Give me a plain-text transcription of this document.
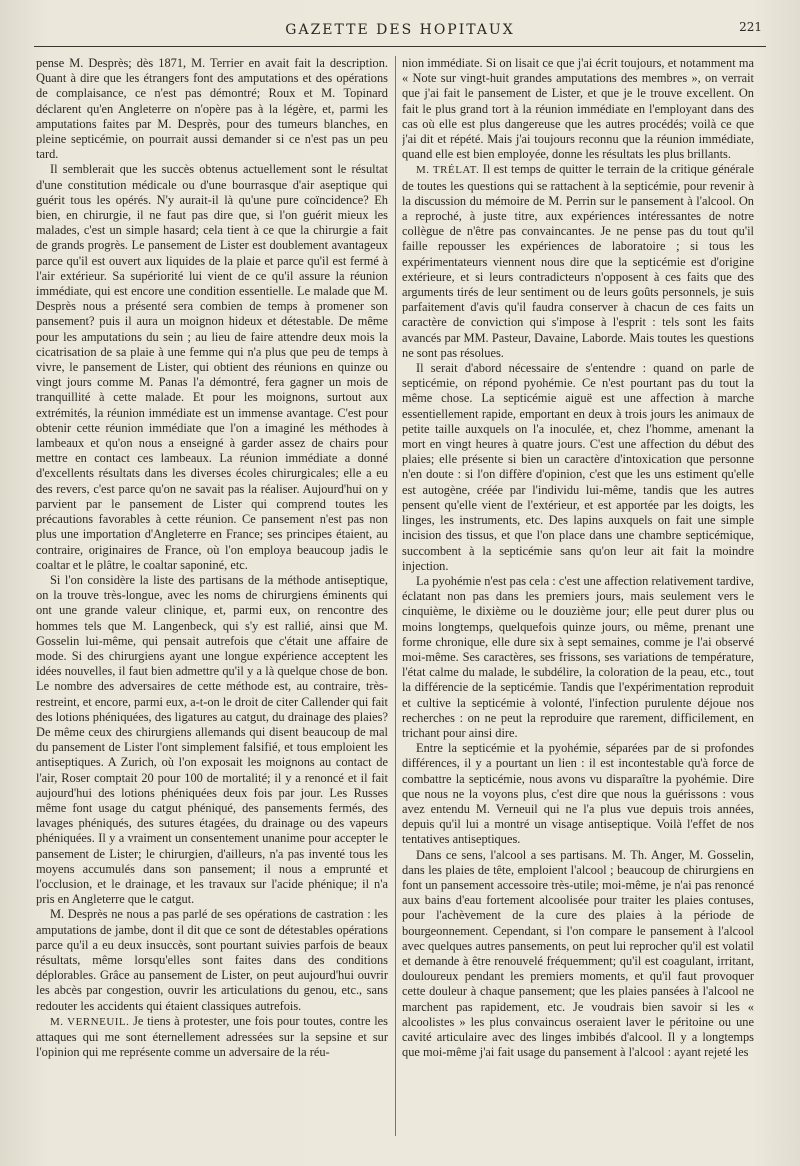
GAZETTE DES HOPITAUX	221

pense M. Desprès; dès 1871, M. Terrier en avait fait la description. Quant à dire que les étrangers font des amputations et des opérations de complaisance, ce n'est pas démontré; Roux et M. Topinard déclarent qu'en Angleterre on n'opère pas à la légère, et, parmi les amputations faites par M. Desprès, pour des tumeurs blanches, en pleine septicémie, on pourrait aussi demander si ce n'est pas un peu tard.

Il semblerait que les succès obtenus actuellement sont le résultat d'une constitution médicale ou d'une bourrasque d'air aseptique qui guérit tous les opérés. N'y aurait-il là qu'une pure coïncidence? Eh bien, en chirurgie, il ne faut pas dire que, si l'on guérit mieux les malades, c'est un simple hasard; cela tient à ce que la chirurgie a fait de grands progrès. Le pansement de Lister est doublement avantageux parce qu'il est ouvert aux liquides de la plaie et parce qu'il est fermé à l'air extérieur. Sa supériorité lui vient de ce qu'il assure la réunion immédiate, qui est encore une condition essentielle. Le malade que M. Desprès nous a présenté sera combien de temps à promener son pansement? puis il aura un moignon hideux et détestable. De même pour les amputations du sein ; au lieu de faire attendre deux mois la cicatrisation de sa plaie à une femme qui n'a plus que peu de temps à vivre, le pansement de Lister, qui obtient des réunions en quinze ou vingt jours comme M. Panas l'a démontré, fera gagner un mois de tranquillité à cette malade. Et pour les moignons, surtout aux extrémités, la réunion immédiate est un immense avantage. C'est pour obtenir cette réunion immédiate que l'on a imaginé les méthodes à lambeaux et qu'on nous a enseigné à garder assez de chairs pour mettre en contact ces lambeaux. La réunion immédiate a donné d'excellents résultats dans les diverses écoles chirurgicales; elle a eu des revers, c'est parce qu'on ne savait pas la réaliser. Aujourd'hui on y parvient par le pansement de Lister qui comprend toutes les précautions favorables à cette réunion. Ce pansement n'est pas non plus une importation d'Angleterre en France; ses principes étaient, au contraire, originaires de France, où l'on employa beaucoup jadis le coaltar et le plâtre, le coaltar saponiné, etc.

Si l'on considère la liste des partisans de la méthode antiseptique, on la trouve très-longue, avec les noms de chirurgiens éminents qui ont une grande valeur clinique, et, parmi eux, on rencontre des hommes tels que M. Langenbeck, qui s'y est rallié, ainsi que M. Gosselin lui-même, qui pensait autrefois que c'était une affaire de mode. Si des chirurgiens ayant une longue expérience acceptent les idées nouvelles, il faut bien admettre qu'il y a là quelque chose de bon. Le nombre des adversaires de cette méthode est, au contraire, très-restreint, et encore, parmi eux, a-t-on le droit de citer Callender qui fait des lotions phéniquées, des ligatures au catgut, du drainage des plaies? De même ceux des chirurgiens allemands qui disent beaucoup de mal du pansement de Lister l'ont simplement falsifié, et tous emploient les antiseptiques. A Zurich, où l'on exposait les moignons au contact de l'air, Roser comptait 20 pour 100 de mortalité; il y a renoncé et il fait aujourd'hui des lotions phéniquées deux fois par jour. Les Russes même font usage du catgut phéniqué, des pansements fermés, des lavages phéniqués, des sutures étagées, du drainage ou des vapeurs phéniquées. Il y a vraiment un consentement unanime pour accepter le pansement de Lister; le chirurgien, d'ailleurs, n'a pas inventé tous les moyens accumulés dans son pansement; il nous a emprunté et l'occlusion, et le drainage, et les travaux sur l'acide phénique; il n'a pris en Angleterre que le catgut.

M. Desprès ne nous a pas parlé de ses opérations de castration : les amputations de jambe, dont il dit que ce sont de détestables opérations parce qu'il a eu deux insuccès, sont pourtant suivies parfois de beaux résultats, même lorsqu'elles sont faites dans des conditions déplorables. Grâce au pansement de Lister, on peut aujourd'hui ouvrir les abcès par congestion, ouvrir les articulations du genou, etc., sans redouter les accidents qui étaient classiques autrefois.

M. VERNEUIL. Je tiens à protester, une fois pour toutes, contre les attaques qui me sont éternellement adressées sur la sepsine et sur l'opinion qui me représente comme un adversaire de la réu-

nion immédiate. Si on lisait ce que j'ai écrit toujours, et notamment ma « Note sur vingt-huit grandes amputations des membres », on verrait que j'ai fait le pansement de Lister, et que je le trouve excellent. On fait le plus grand tort à la réunion immédiate en l'employant dans des cas où elle est plus dangereuse que les autres procédés; voilà ce que j'ai dit et répété. Mais j'ai toujours reconnu que la réunion immédiate, quand elle est bien employée, donne les résultats les plus brillants.

M. TRÉLAT. Il est temps de quitter le terrain de la critique générale de toutes les questions qui se rattachent à la septicémie, pour revenir à la discussion du mémoire de M. Perrin sur le pansement à l'alcool. On a reproché, à juste titre, aux expériences intéressantes de notre collègue de n'être pas convaincantes. Je ne pense pas du tout qu'il faille repousser les expériences de laboratoire ; si tous les expérimentateurs viennent nous dire que la septicémie est d'origine extérieure, et si leurs contradicteurs n'opposent à ces faits que des arguments tirés de leur sentiment ou de leurs goûts personnels, je suis parfaitement d'avis qu'il faudra conserver à chacun de ces faits un caractère de conviction qui s'impose à l'esprit : tels sont les faits avancés par MM. Pasteur, Davaine, Laborde. Mais toutes les questions ne sont pas résolues.

Il serait d'abord nécessaire de s'entendre : quand on parle de septicémie, on répond pyohémie. Ce n'est pourtant pas du tout la même chose. La septicémie aiguë est une affection à marche essentiellement rapide, emportant en deux à trois jours les animaux de petite taille auxquels on l'a inoculée, et, chez l'homme, amenant la mort en vingt heures à quatre jours. C'est une affection du début des plaies; elle présente si bien un caractère d'intoxication que personne n'en doute : si l'on diffère d'opinion, c'est que les uns estiment qu'elle est autogène, créée par l'individu lui-même, tandis que les autres pensent qu'elle vient de l'extérieur, et est apportée par les doigts, les linges, les instruments, etc. Des lapins auxquels on fait une simple incision des tissus, et que l'on place dans une chambre septicémique, succombent à la septicémie sans qu'on leur ait fait la moindre injection.

La pyohémie n'est pas cela : c'est une affection relativement tardive, éclatant non pas dans les premiers jours, mais seulement vers le cinquième, le dixième ou le douzième jour; elle peut durer plus ou moins longtemps, quelquefois quinze jours, ou même, prenant une forme chronique, elle dure six à sept semaines, comme je l'ai observé moi-même. Ses caractères, ses frissons, ses variations de température, l'état calme du malade, le subdélire, la coloration de la peau, etc., tout la différencie de la septicémie. Tandis que l'expérimentation reproduit et cultive la septicémie à volonté, l'infection purulente déjoue nos recherches : on ne peut la reproduire que rarement, difficilement, en trichant pour ainsi dire.

Entre la septicémie et la pyohémie, séparées par de si profondes différences, il y a pourtant un lien : il est incontestable qu'à force de combattre la septicémie, nous avons vu disparaître la pyohémie. Dire que nous ne la voyons plus, c'est dire que nous la guérissons : vous avez entendu M. Verneuil qui ne l'a plus vue depuis trois années, depuis qu'il lui a montré un visage antiseptique. Voilà l'effet de nos tentatives antiseptiques.

Dans ce sens, l'alcool a ses partisans. M. Th. Anger, M. Gosselin, dans les plaies de tête, emploient l'alcool ; beaucoup de chirurgiens en font un pansement accessoire très-utile; moi-même, je n'ai pas renoncé aux bains d'eau fortement alcoolisée pour traiter les plaies contuses, pour l'achèvement de la cure des plaies à la période de bourgeonnement. Cependant, si l'on compare le pansement à l'alcool avec quelques autres pansements, on peut lui reprocher qu'il est volatil et demande à être renouvelé fréquemment; qu'il est coagulant, irritant, douloureux pendant les premiers moments, et qu'il faut provoquer cette douleur à chaque pansement; que les plaies pansées à l'alcool ne marchent pas rapidement, etc. Je voudrais bien savoir si les « alcoolistes » les plus convaincus oseraient laver le péritoine ou une cavité articulaire avec des linges imbibés d'alcool. Il y a longtemps que moi-même j'ai fait usage du pansement à l'alcool : ayant rejeté les
